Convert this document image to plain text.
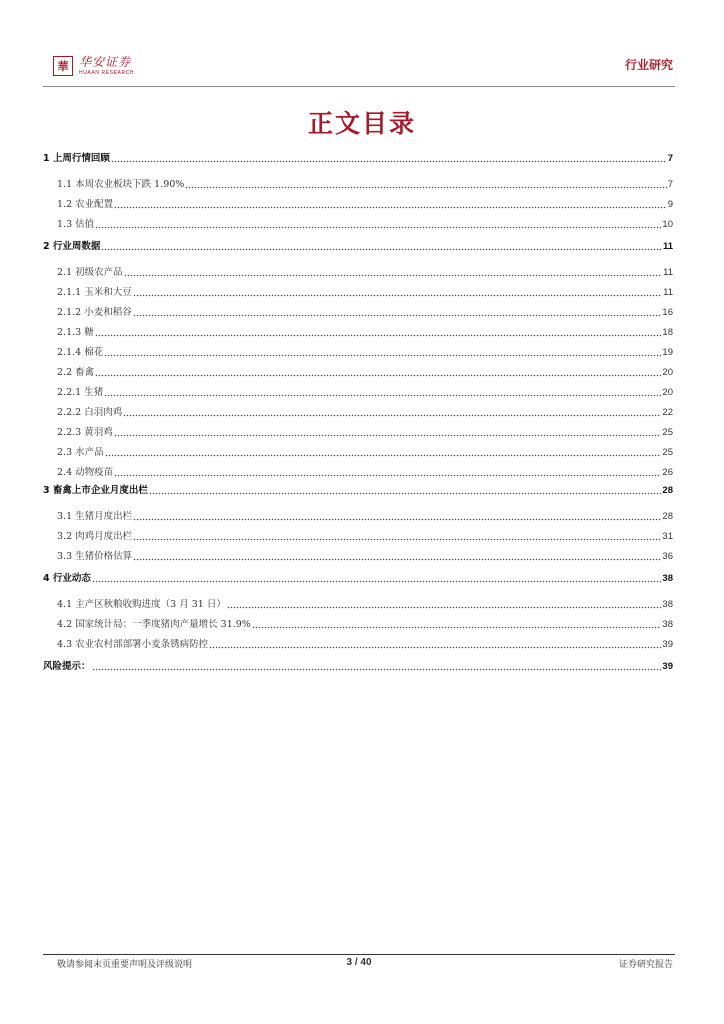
華 华安证券
HUAAN RESEARCH
行业研究
正文目录
1 上周行情回顾	7
1.1 本周农业板块下跌 1.90%	7
1.2 农业配置	9
1.3 估值	10
2 行业周数据	11
2.1 初级农产品	11
2.1.1 玉米和大豆	11
2.1.2 小麦和稻谷	16
2.1.3 糖	18
2.1.4 棉花	19
2.2 畜禽	20
2.2.1 生猪	20
2.2.2 白羽肉鸡	22
2.2.3 黄羽鸡	25
2.3 水产品	25
2.4 动物疫苗	26
3 畜禽上市企业月度出栏	28
3.1 生猪月度出栏	28
3.2 肉鸡月度出栏	31
3.3 生猪价格估算	36
4 行业动态	38
4.1 主产区秋粮收购进度（3 月 31 日）	38
4.2 国家统计局：一季度猪肉产量增长 31.9%	38
4.3 农业农村部部署小麦条锈病防控	39
风险提示：	39
敬请参阅末页重要声明及评级说明	3 / 40	证券研究报告
